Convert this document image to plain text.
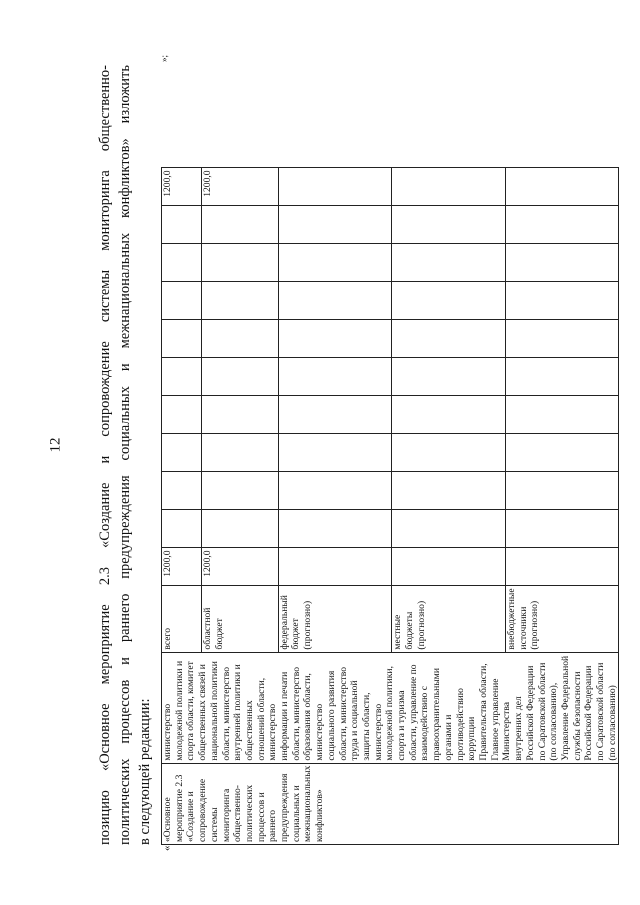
12 позицию «Основное мероприятие 2.3 «Создание и сопровождение системы мониторинга общественно- политических процессов и раннего предупреждения социальных и межнациональных конфликтов» изложить в следующей редакции:
«
»;
«Основное мероприятие 2.3 «Создание и сопровождение системы мониторинга общественно-политических процессов и раннего предупреждения социальных и межнациональных конфликтов»	министерство молодежной политики и спорта области, комитет общественных связей и национальной политики области, министерство внутренней политики и общественных отношений области, министерство информации и печати области, министерство образования области, министерство социального развития области, министерство труда и социальной защиты области, министерство молодежной политики, спорта и туризма области, управление по взаимодействию с правоохранительными органами и противодействию коррупции Правительства области, Главное управление Министерства внутренних дел Российской Федерации по Саратовской области (по согласованию), Управление Федеральной службы безопасности Российской Федерации по Саратовской области (по согласованию)	всего	1200,0										1200,0
		областной бюджет	1200,0										1200,0
		федеральный бюджет (прогнозно)											
		местные бюджеты (прогнозно)											
		внебюджетные источники (прогнозно)											
